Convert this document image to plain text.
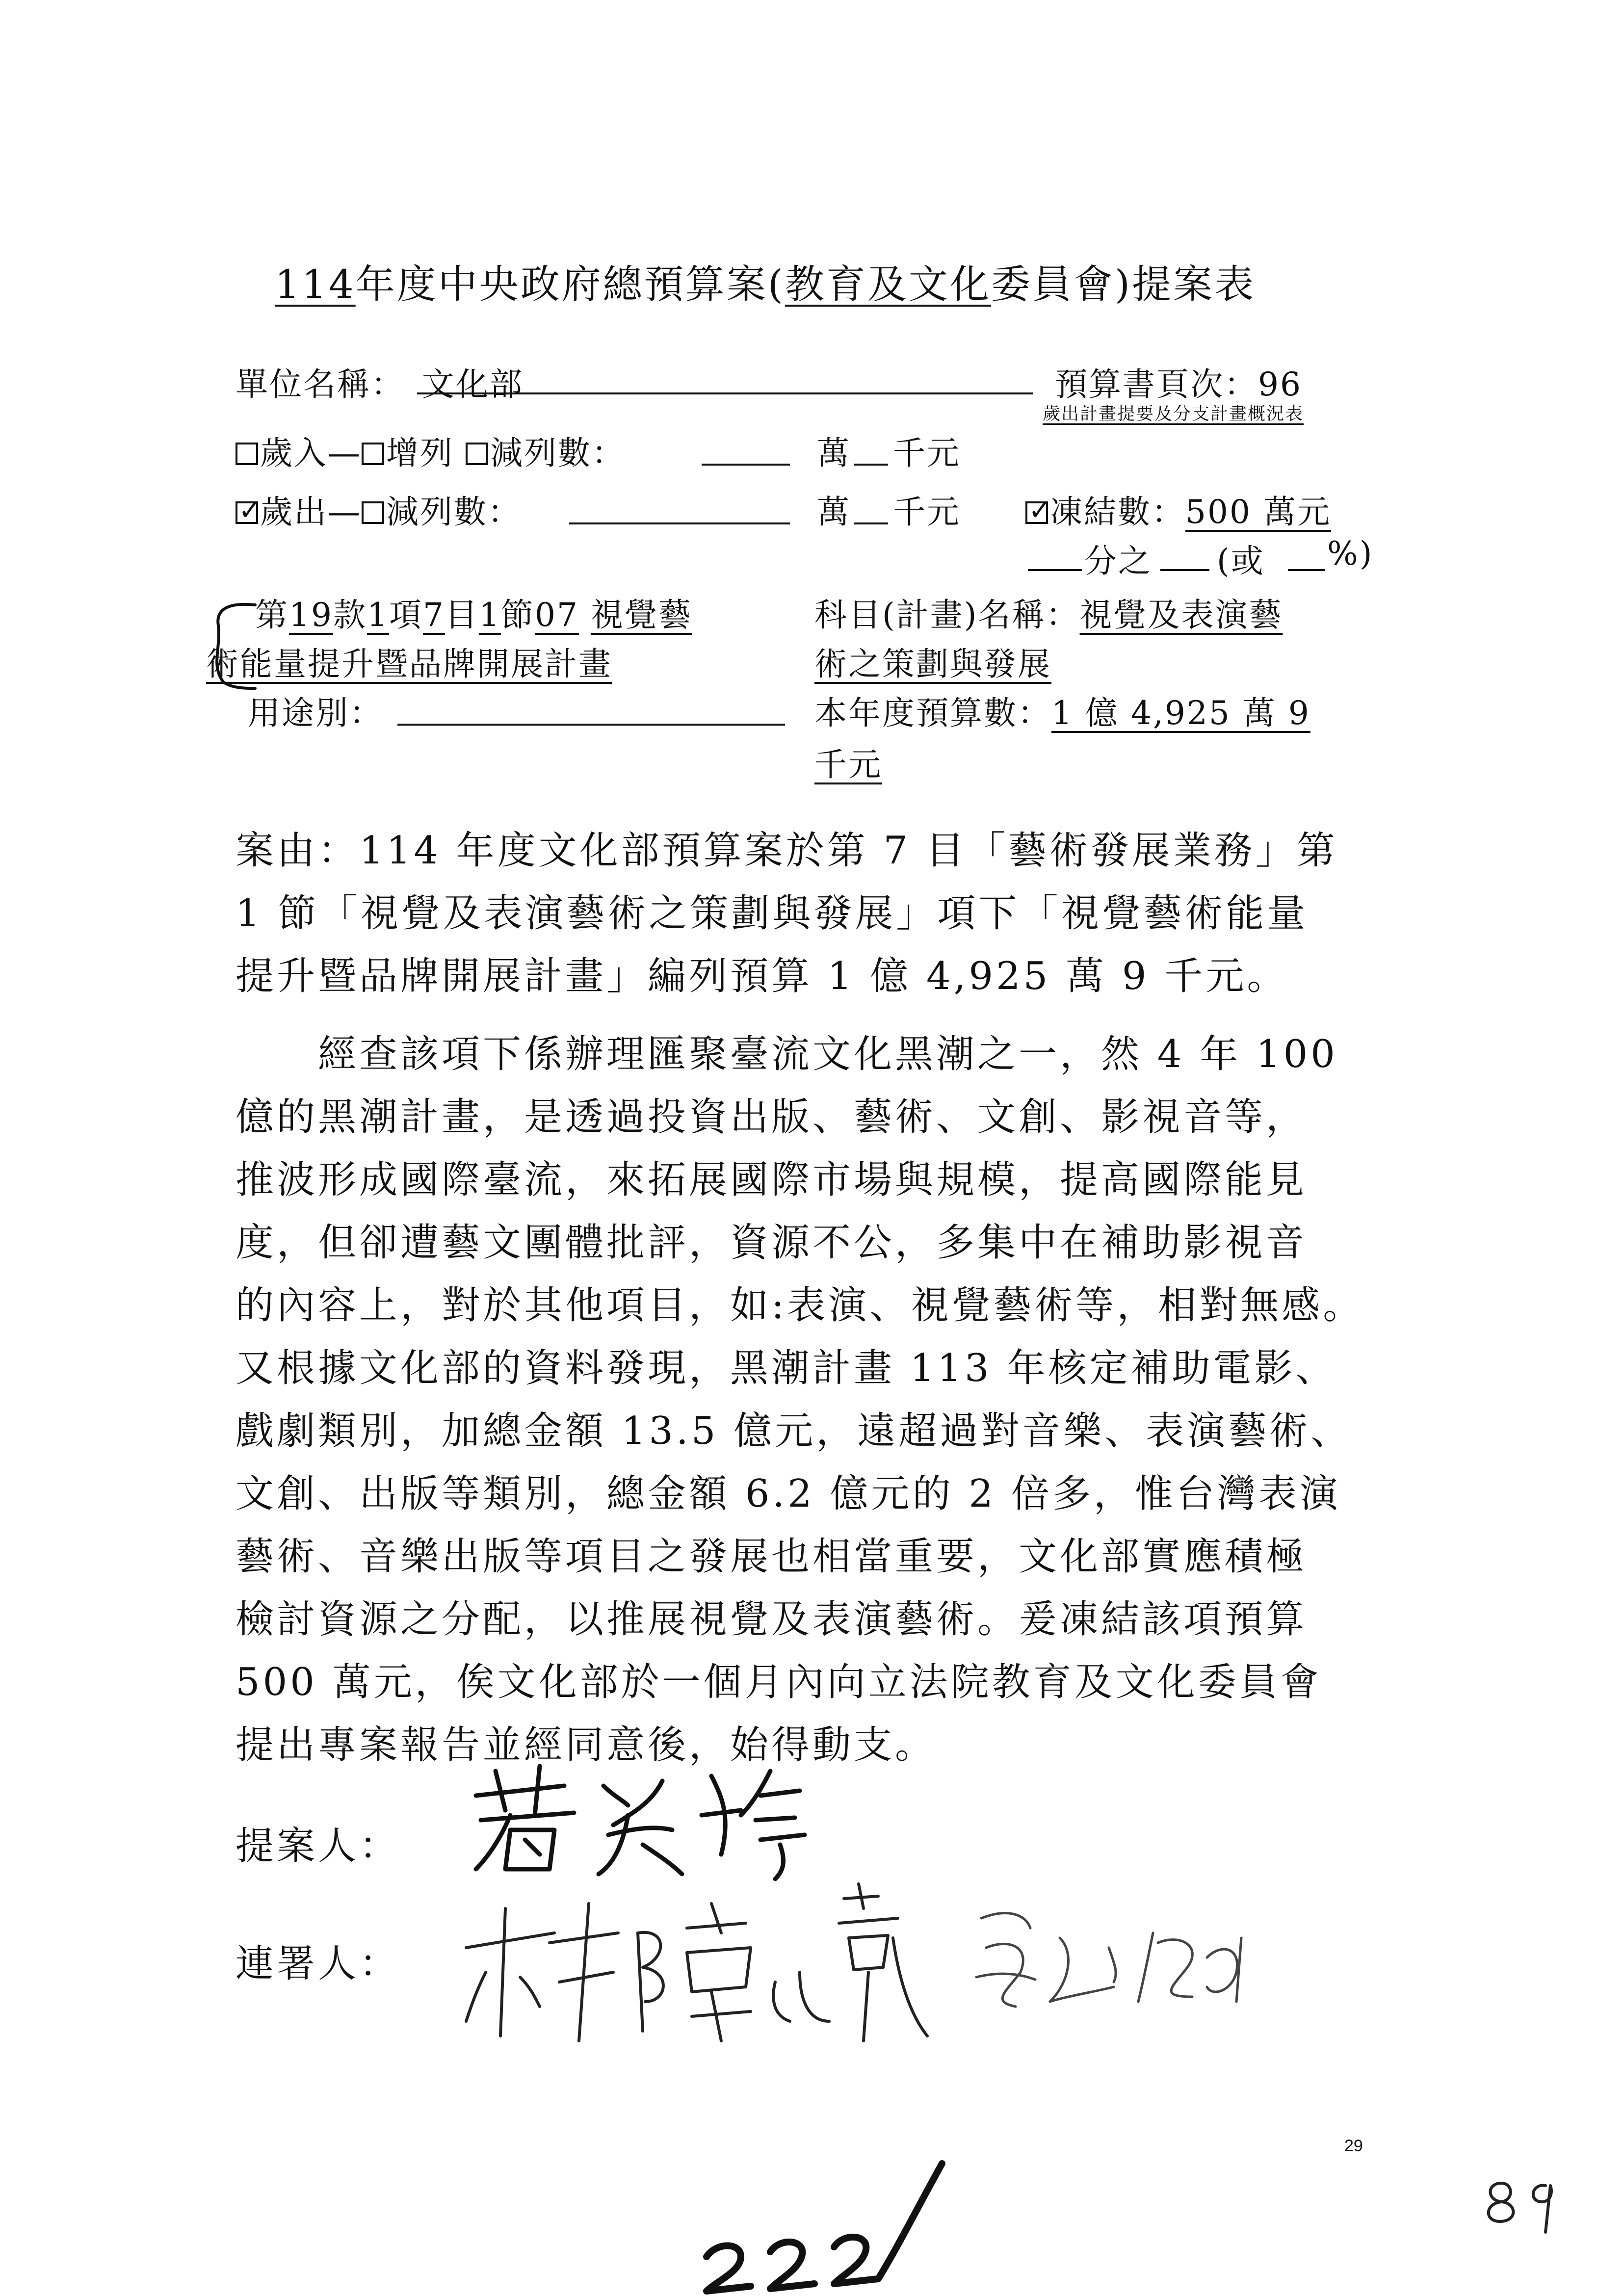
114年度中央政府總預算案(教育及文化委員會)提案表
單位名稱： 文化部	預算書頁次：96
歲出計畫提要及分支計畫概況表
歲入— 增列 減列數：	萬 千元
✓歲出— 減列數：	萬 千元
✓	凍結數：500 萬元
分之 (或 %)
第19款1項7目1節07 視覺藝
術能量提升暨品牌開展計畫
用途別：
科目(計畫)名稱：視覺及表演藝
術之策劃與發展
本年度預算數：1 億 4,925 萬 9
千元
案由：114 年度文化部預算案於第 7 目「藝術發展業務」第
1 節「視覺及表演藝術之策劃與發展」項下「視覺藝術能量
提升暨品牌開展計畫」編列預算 1 億 4,925 萬 9 千元。
　　經查該項下係辦理匯聚臺流文化黑潮之一，然 4 年 100
億的黑潮計畫，是透過投資出版、藝術、文創、影視音等，
推波形成國際臺流，來拓展國際市場與規模，提高國際能見
度，但卻遭藝文團體批評，資源不公，多集中在補助影視音
的內容上，對於其他項目，如:表演、視覺藝術等，相對無感。
又根據文化部的資料發現，黑潮計畫 113 年核定補助電影、
戲劇類別，加總金額 13.5 億元，遠超過對音樂、表演藝術、
文創、出版等類別，總金額 6.2 億元的 2 倍多，惟台灣表演
藝術、音樂出版等項目之發展也相當重要，文化部實應積極
檢討資源之分配，以推展視覺及表演藝術。爰凍結該項預算
500 萬元，俟文化部於一個月內向立法院教育及文化委員會
提出專案報告並經同意後，始得動支。
提案人：
連署人：
29
